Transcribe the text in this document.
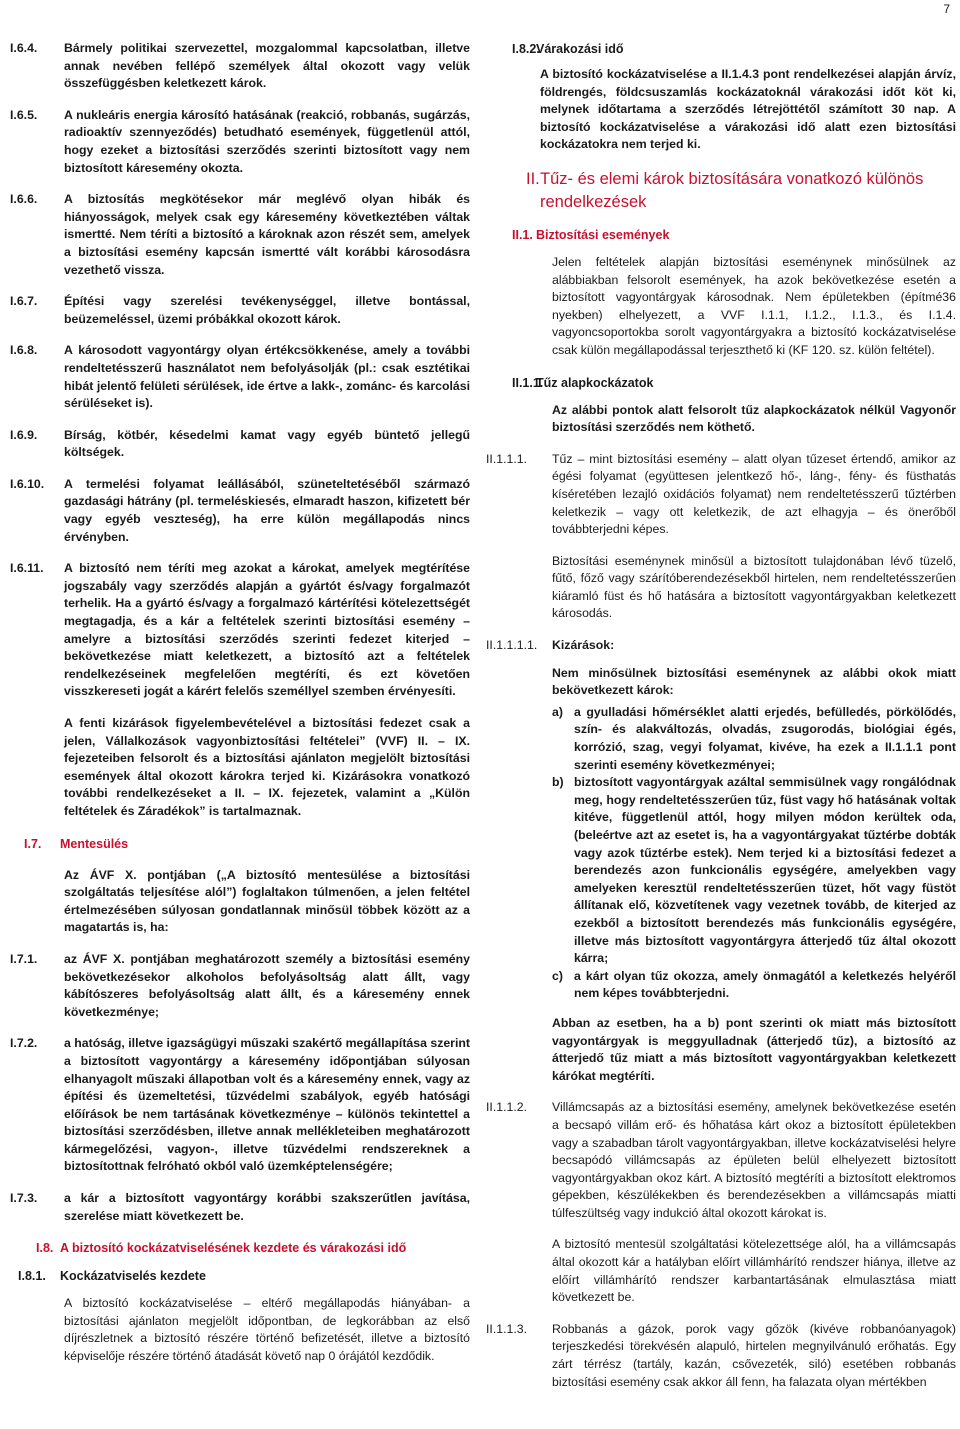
7
I.6.4. Bármely politikai szervezettel, mozgalommal kapcsolatban, illetve annak nevében fellépő személyek által okozott vagy velük összefüggésben keletkezett károk.

I.6.5. A nukleáris energia károsító hatásának (reakció, robbanás, sugárzás, radioaktív szennyeződés) betudható események, függetlenül attól, hogy ezeket a biztosítási szerződés szerinti biztosított vagy nem biztosított káresemény okozta.

I.6.6. A biztosítás megkötésekor már meglévő olyan hibák és hiányosságok, melyek csak egy káresemény következtében váltak ismertté. Nem téríti a biztosító a károknak azon részét sem, amelyek a biztosítási esemény kapcsán ismertté vált korábbi károsodásra vezethető vissza.

I.6.7. Építési vagy szerelési tevékenységgel, illetve bontással, beüzemeléssel, üzemi próbákkal okozott károk.

I.6.8. A károsodott vagyontárgy olyan értékcsökkenése, amely a további rendeltetésszerű használatot nem befolyásolják (pl.: csak esztétikai hibát jelentő felületi sérülések, ide értve a lakk-, zománc- és karcolási sérüléseket is).

I.6.9. Bírság, kötbér, késedelmi kamat vagy egyéb büntető jellegű költségek.

I.6.10. A termelési folyamat leállásából, szüneteltetéséből származó gazdasági hátrány (pl. termeléskiesés, elmaradt haszon, kifizetett bér vagy egyéb veszteség), ha erre külön megállapodás nincs érvényben.

I.6.11. A biztosító nem téríti meg azokat a károkat, amelyek megtérítése jogszabály vagy szerződés alapján a gyártót és/vagy forgalmazót terhelik. Ha a gyártó és/vagy a forgalmazó kártérítési kötelezettségét megtagadja, és a kár a feltételek szerinti biztosítási esemény – amelyre a biztosítási szerződés szerinti fedezet kiterjed – bekövetkezése miatt keletkezett, a biztosító azt a feltételek rendelkezéseinek megfelelően megtéríti, és ezt követően visszkereseti jogát a kárért felelős személlyel szemben érvényesíti.

A fenti kizárások figyelembevételével a biztosítási fedezet csak a jelen, Vállalkozások vagyonbiztosítási feltételei” (VVF) II. – IX. fejezeteiben felsorolt és a biztosítási ajánlaton megjelölt biztosítási események által okozott károkra terjed ki. Kizárásokra vonatkozó további rendelkezéseket a II. – IX. fejezetek, valamint a „Külön feltételek és Záradékok” is tartalmaznak.

I.7. Mentesülés

Az ÁVF X. pontjában („A biztosító mentesülése a biztosítási szolgáltatás teljesítése alól”) foglaltakon túlmenően, a jelen feltétel értelmezésében súlyosan gondatlannak minősül többek között az a magatartás is, ha:

I.7.1. az ÁVF X. pontjában meghatározott személy a biztosítási esemény bekövetkezésekor alkoholos befolyásoltság alatt állt, vagy kábítószeres befolyásoltság alatt állt, és a káresemény ennek következménye;

I.7.2. a hatóság, illetve igazságügyi műszaki szakértő megállapítása szerint a biztosított vagyontárgy a káresemény időpontjában súlyosan elhanyagolt műszaki állapotban volt és a káresemény ennek, vagy az építési és üzemeltetési, tűzvédelmi szabályok, egyéb hatósági előírások be nem tartásának következménye – különös tekintettel a biztosítási szerződésben, illetve annak mellékleteiben meghatározott kármegelőzési, vagyon-, illetve tűzvédelmi rendszereknek a biztosítottnak felróható okból való üzemképtelenségére;

I.7.3. a kár a biztosított vagyontárgy korábbi szakszerűtlen javítása, szerelése miatt következett be.

I.8. A biztosító kockázatviselésének kezdete és várakozási idő

I.8.1. Kockázatviselés kezdete

A biztosító kockázatviselése – eltérő megállapodás hiányában- a biztosítási ajánlaton megjelölt időpontban, de legkorábban az első díjrészletnek a biztosító részére történő befizetését, illetve a biztosító képviselője részére történő átadását követő nap 0 órájától kezdődik.

I.8.2.

Várakozási idő

A biztosító kockázatviselése a II.1.4.3 pont rendelkezései alapján árvíz, földrengés, földcsuszamlás kockázatoknál várakozási időt köt ki, melynek időtartama a szerződés létrejöttétől számított 30 nap. A biztosító kockázatviselése a várakozási idő alatt ezen biztosítási kockázatokra nem terjed ki.

II. Tűz- és elemi károk biztosítására vonatkozó különös rendelkezések
II.1. Biztosítási események

Jelen feltételek alapján biztosítási eseménynek minősülnek az alábbiakban felsorolt események, ha azok bekövetkezése esetén a biztosított vagyontárgyak károsodnak. Nem épületekben (építmé36 nyekben) elhelyezett, a VVF I.1.1, I.1.2., I.1.3., és I.1.4. vagyoncsoportokba sorolt vagyontárgyakra a biztosító kockázatviselése csak külön megállapodással terjeszthető ki (KF 120. sz. külön feltétel).

II.1.1.

Tűz alapkockázatok

Az alábbi pontok alatt felsorolt tűz alapkockázatok nélkül Vagyonőr biztosítási szerződés nem köthető.

II.1.1.1. Tűz – mint biztosítási esemény – alatt olyan tűzeset értendő, amikor az égési folyamat (együttesen jelentkező hő-, láng-, fény- és füsthatás kíséretében lezajló oxidációs folyamat) nem rendeltetésszerű tűztérben keletkezik – vagy ott keletkezik, de azt elhagyja – és önerőből továbbterjedni képes.

Biztosítási eseménynek minősül a biztosított tulajdonában lévő tüzelő, fűtő, főző vagy szárítóberendezésekből hirtelen, nem rendeltetésszerűen kiáramló füst és hő hatására a biztosított vagyontárgyakban keletkezett károsodás.

II.1.1.1.1. Kizárások:

Nem minősülnek biztosítási eseménynek az alábbi okok miatt bekövetkezett károk:

a) a gyulladási hőmérséklet alatti erjedés, befülledés, pörkölődés, szín- és alakváltozás, olvadás, zsugorodás, biológiai égés, korrózió, szag, vegyi folyamat, kivéve, ha ezek a II.1.1.1 pont szerinti esemény következményei;
b) biztosított vagyontárgyak azáltal semmisülnek vagy rongálódnak meg, hogy rendeltetésszerűen tűz, füst vagy hő hatásának voltak kitéve, függetlenül attól, hogy milyen módon kerültek oda, (beleértve azt az esetet is, ha a vagyontárgyakat tűztérbe dobták vagy azok tűztérbe estek). Nem terjed ki a biztosítási fedezet a berendezés azon funkcionális egységére, amelyekben vagy amelyeken keresztül rendeltetésszerűen tüzet, hőt vagy füstöt állítanak elő, közvetítenek vagy vezetnek tovább, de kiterjed az ezekből a biztosított berendezés más funkcionális egységére, illetve más biztosított vagyontárgyra átterjedő tűz által okozott kárra;
c) a kárt olyan tűz okozza, amely önmagától a keletkezés helyéről nem képes továbbterjedni.

Abban az esetben, ha a b) pont szerinti ok miatt más biztosított vagyontárgyak is meggyulladnak (átterjedő tűz), a biztosító az átterjedő tűz miatt a más biztosított vagyontárgyakban keletkezett kárókat megtéríti.

II.1.1.2. Villámcsapás az a biztosítási esemény, amelynek bekövetkezése esetén a becsapó villám erő- és hőhatása kárt okoz a biztosított épületekben vagy a szabadban tárolt vagyontárgyakban, illetve kockázatviselési helyre becsapódó villámcsapás az épületen belül elhelyezett biztosított vagyontárgyakban okoz kárt. A biztosító megtéríti a biztosított elektromos gépekben, készülékekben és berendezésekben a villámcsapás miatti túlfeszültség vagy indukció által okozott károkat is.

A biztosító mentesül szolgáltatási kötelezettsége alól, ha a villámcsapás által okozott kár a hatályban előírt villámhárító rendszer hiánya, illetve az előírt villámhárító rendszer karbantartásának elmulasztása miatt következett be.

II.1.1.3. Robbanás a gázok, porok vagy gőzök (kivéve robbanóanyagok) terjeszkedési törekvésén alapuló, hirtelen megnyilvánuló erőhatás. Egy zárt térrész (tartály, kazán, csővezeték, siló) esetében robbanás biztosítási esemény csak akkor áll fenn, ha falazata olyan mértékben
